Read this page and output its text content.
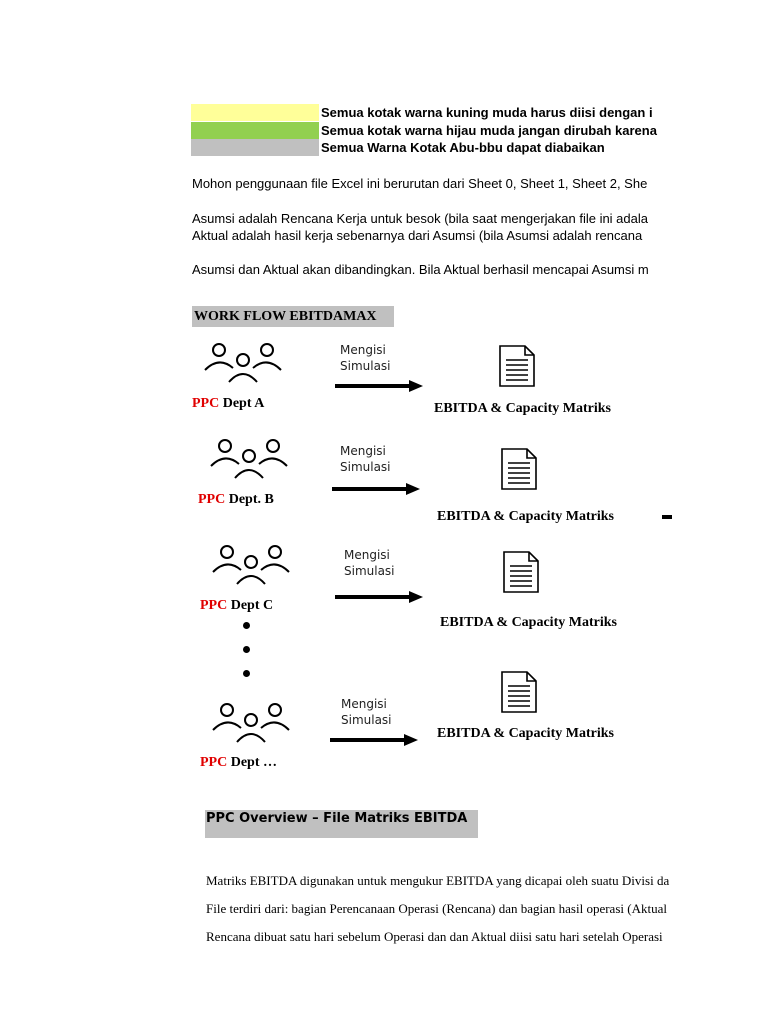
Semua kotak warna kuning muda harus diisi dengan i
Semua kotak warna hijau muda jangan dirubah karena
Semua Warna Kotak Abu-bbu dapat diabaikan
Mohon penggunaan file Excel ini berurutan dari Sheet 0, Sheet 1, Sheet 2, She
Asumsi adalah Rencana Kerja untuk besok (bila saat mengerjakan file ini adala
Aktual adalah hasil kerja sebenarnya dari Asumsi (bila Asumsi adalah rencana
Asumsi dan Aktual akan dibandingkan. Bila Aktual berhasil mencapai Asumsi m
WORK FLOW EBITDAMAX
PPC Dept A
Mengisi
Simulasi
EBITDA & Capacity Matriks
PPC Dept. B
Mengisi
Simulasi
EBITDA & Capacity Matriks
PPC Dept C
Mengisi
Simulasi
EBITDA & Capacity Matriks
PPC Dept …
Mengisi
Simulasi
EBITDA & Capacity Matriks
PPC Overview – File Matriks EBITDA
Matriks EBITDA digunakan untuk mengukur EBITDA yang dicapai oleh suatu Divisi da
File terdiri dari: bagian Perencanaan Operasi (Rencana) dan bagian hasil operasi (Aktual
Rencana dibuat satu hari sebelum Operasi dan dan Aktual diisi satu hari setelah Operasi
